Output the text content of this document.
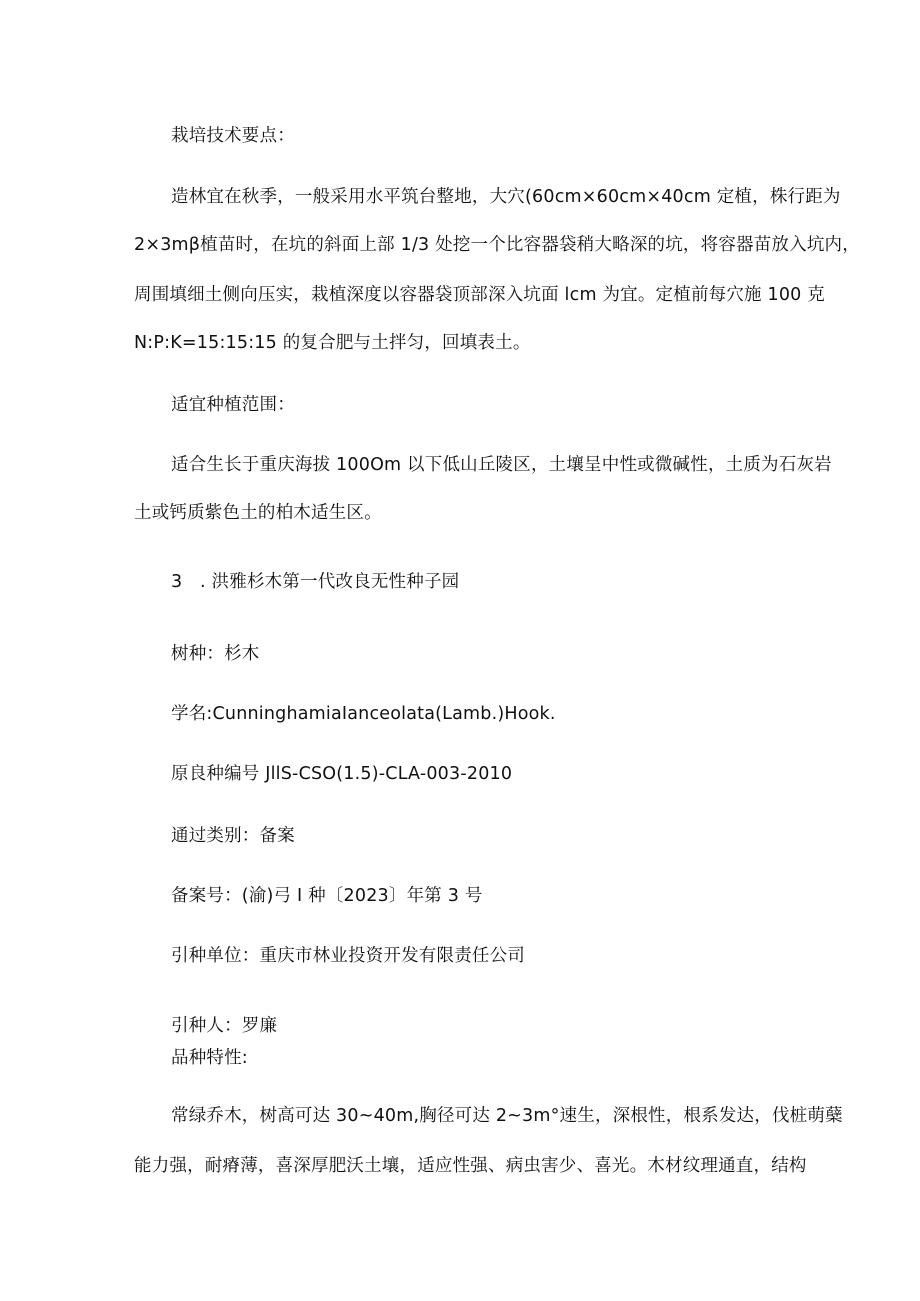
栽培技术要点：
造林宜在秋季，一般采用水平筑台整地，大穴(60cm×60cm×40cm 定植，株行距为
2×3mβ植苗时，在坑的斜面上部 1/3 处挖一个比容器袋稍大略深的坑，将容器苗放入坑内，
周围填细土侧向压实，栽植深度以容器袋顶部深入坑面 lcm 为宜。定植前每穴施 100 克
N:P:K=15:15:15 的复合肥与土拌匀，回填表土。
适宜种植范围：
适合生长于重庆海拔 100Om 以下低山丘陵区，土壤呈中性或微碱性，土质为石灰岩
土或钙质紫色土的柏木适生区。
3　. 洪雅杉木第一代改良无性种子园
树种：杉木
学名:CunninghamiaIanceolata(Lamb.)Hook.
原良种编号 JllS-CSO(1.5)-CLA-003-2010
通过类别：备案
备案号：(渝)弓 I 种〔2023〕年第 3 号
引种单位：重庆市林业投资开发有限责任公司
引种人：罗廉
品种特性:
常绿乔木，树高可达 30~40m,胸径可达 2~3m°速生，深根性，根系发达，伐桩萌蘖
能力强，耐瘠薄，喜深厚肥沃土壤，适应性强、病虫害少、喜光。木材纹理通直，结构
